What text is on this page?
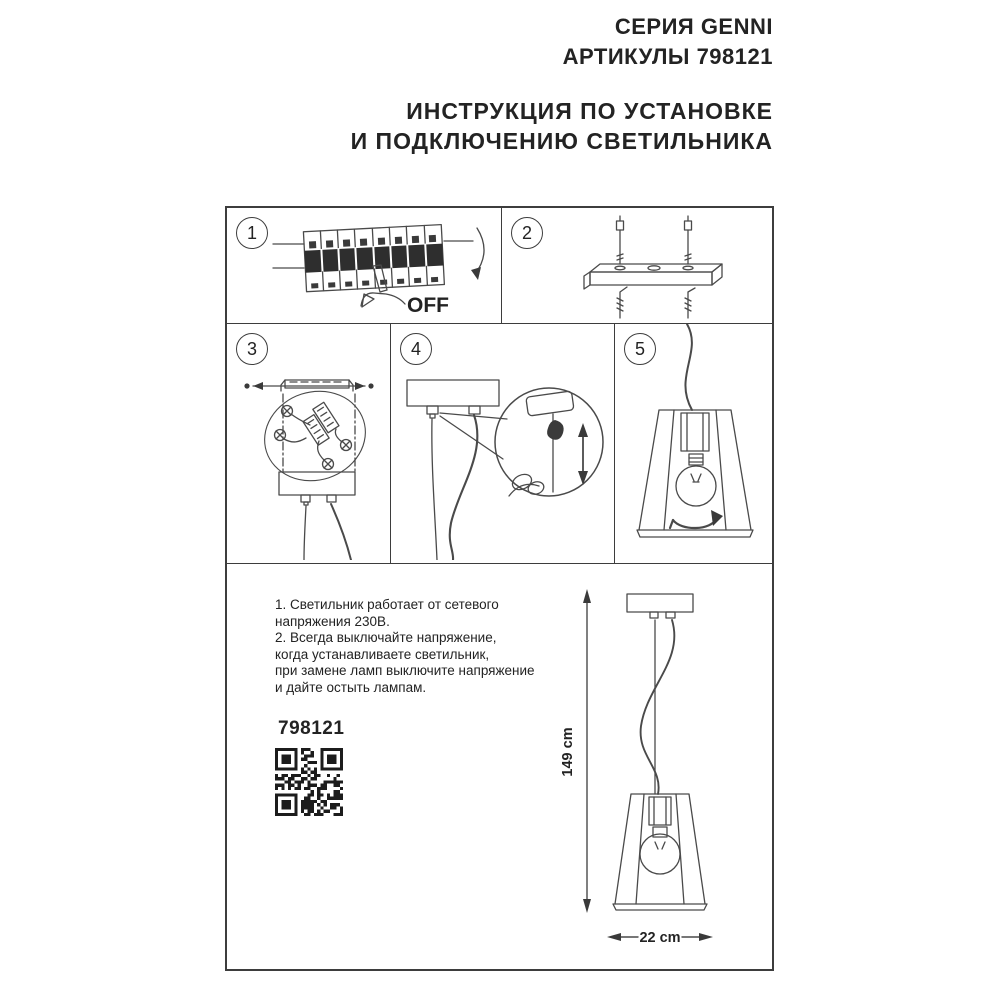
СЕРИЯ GENNI
АРТИКУЛЫ 798121
ИНСТРУКЦИЯ ПО УСТАНОВКЕ
И ПОДКЛЮЧЕНИЮ СВЕТИЛЬНИКА
1
OFF
2
3	4	5
1. Светильник работает от сетевого
напряжения 230В.
2. Всегда выключайте напряжение,
когда устанавливаете светильник,
при замене ламп выключите напряжение
и дайте остыть лампам.
798121	149 cm
22 cm
